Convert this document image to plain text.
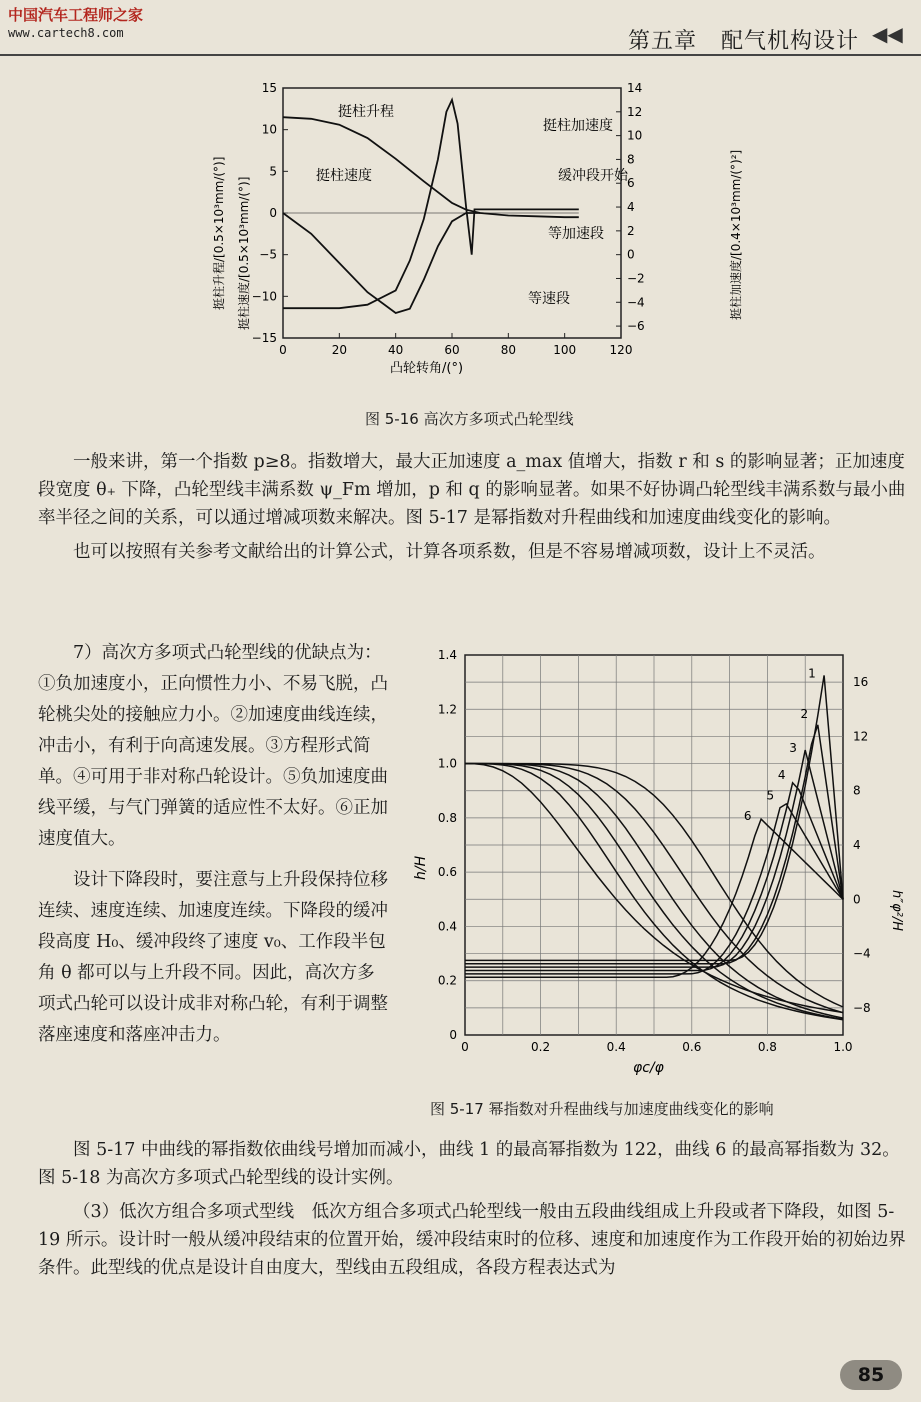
中国汽车工程师之家
www.cartech8.com	第五章 配气机构设计 ◀◀
15
10
5
0
−5
−10
−15
14
12
10
8
6
4
2
0
−2
−4
−6
0	20	40	60	80	100	120
挺柱升程/[0.5×10³mm/(°)] 挺柱速度/[0.5×10³mm/(°)]	挺柱加速度/[0.4×10³mm/(°)²]
凸轮转角/(°)
挺柱升程
挺柱加速度
挺柱速度	缓冲段开始
等加速段
等速段
图 5-16 高次方多项式凸轮型线

一般来讲，第一个指数 p≥8。指数增大，最大正加速度 a_max 值增大，指数 r 和 s 的影响显著；正加速度段宽度 θ₊ 下降，凸轮型线丰满系数 ψ_Fm 增加，p 和 q 的影响显著。如果不好协调凸轮型线丰满系数与最小曲率半径之间的关系，可以通过增减项数来解决。图 5-17 是幂指数对升程曲线和加速度曲线变化的影响。

也可以按照有关参考文献给出的计算公式，计算各项系数，但是不容易增减项数，设计上不灵活。

7）高次方多项式凸轮型线的优缺点为：①负加速度小，正向惯性力小、不易飞脱，凸轮桃尖处的接触应力小。②加速度曲线连续，冲击小，有利于向高速发展。③方程形式简单。④可用于非对称凸轮设计。⑤负加速度曲线平缓，与气门弹簧的适应性不太好。⑥正加速度值大。

设计下降段时，要注意与上升段保持位移连续、速度连续、加速度连续。下降段的缓冲段高度 H₀、缓冲段终了速度 v₀、工作段半包角 θ 都可以与上升段不同。因此，高次方多项式凸轮可以设计成非对称凸轮，有利于调整落座速度和落座冲击力。	0
0.2
0.4
0.6
0.8
1.0
1.2
1.4
0	0.2	0.4	0.6	0.8	1.0
16
12
8
4
0
−4
−8
1
2
3
4
5
6
h/H
h″φ²/H
φc/φ
图 5-17 幂指数对升程曲线与加速度曲线变化的影响

图 5-17 中曲线的幂指数依曲线号增加而减小，曲线 1 的最高幂指数为 122，曲线 6 的最高幂指数为 32。图 5-18 为高次方多项式凸轮型线的设计实例。

（3）低次方组合多项式型线　低次方组合多项式凸轮型线一般由五段曲线组成上升段或者下降段，如图 5-19 所示。设计时一般从缓冲段结束的位置开始，缓冲段结束时的位移、速度和加速度作为工作段开始的初始边界条件。此型线的优点是设计自由度大，型线由五段组成，各段方程表达式为

85
